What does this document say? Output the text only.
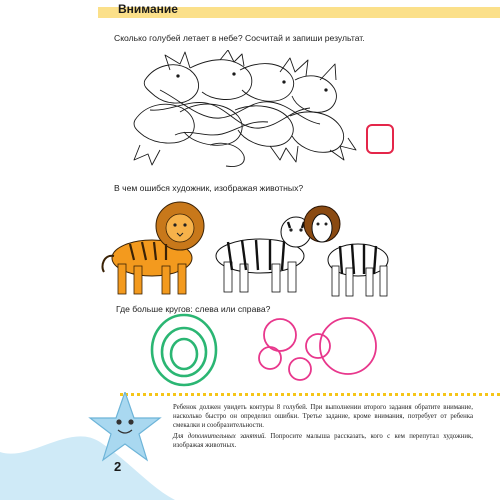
Внимание
Сколько голубей летает в небе? Сосчитай и запиши результат.
В чем ошибся художник, изображая животных?
Где больше кругов: слева или справа?
Ребенок должен увидеть контуры 8 голубей. При выполнении второго задания обратите внимание, насколько быстро он определил ошибки. Третье задание, кроме внимания, потребует от ребенка смекалки и сообразительности.
Для дополнительных занятий. Попросите малыша рассказать, кого с кем перепутал художник, изображая животных.
2
